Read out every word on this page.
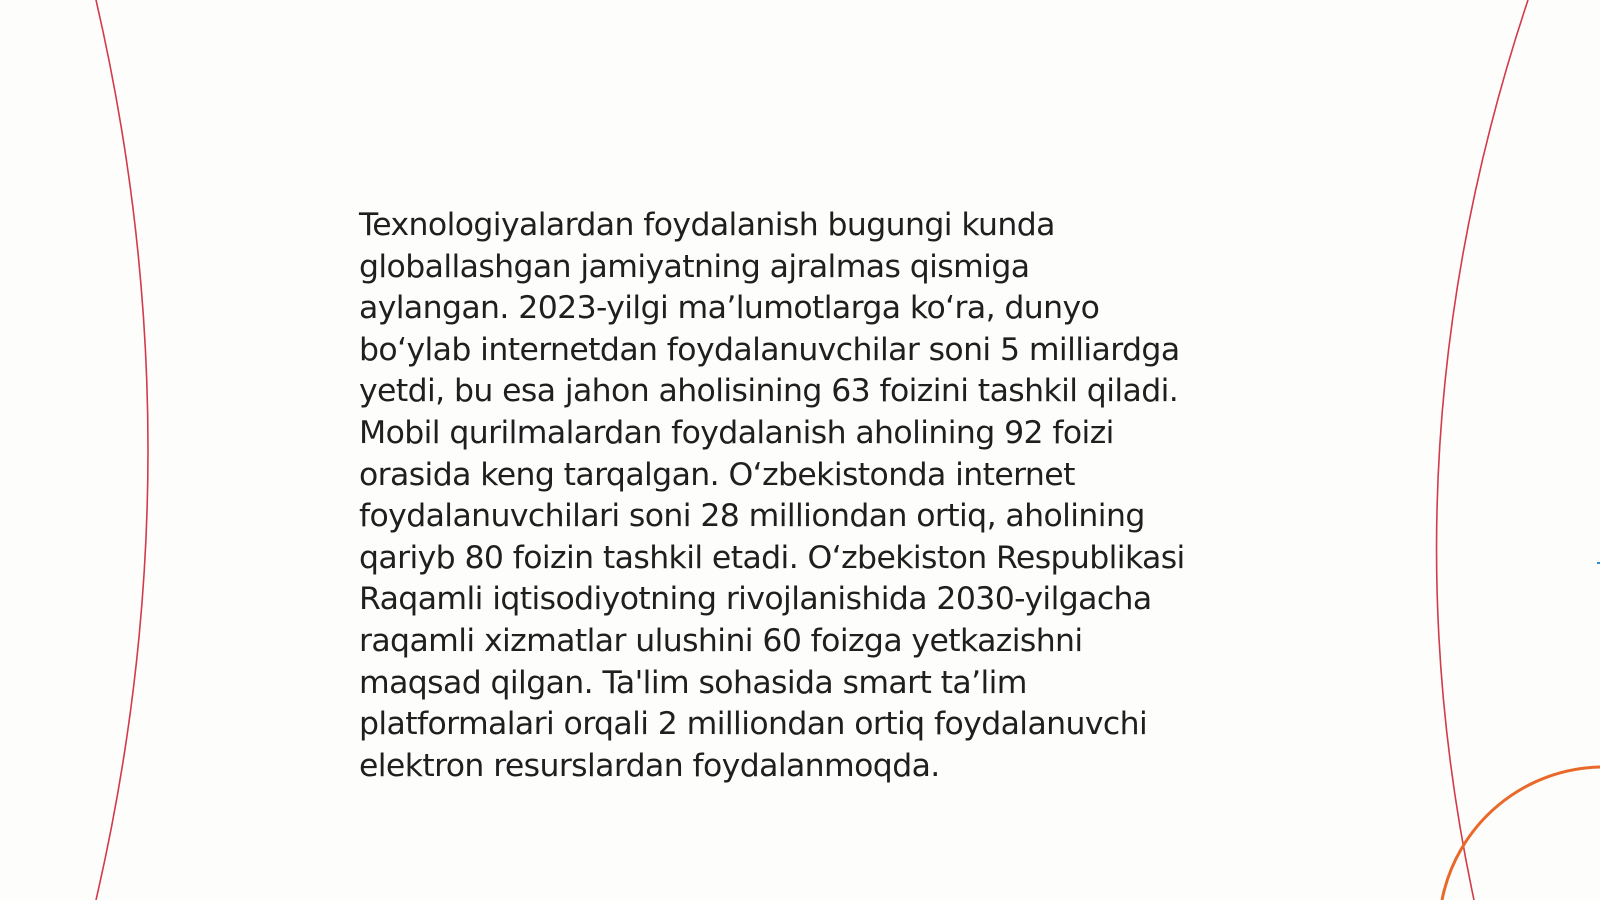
Texnologiyalardan foydalanish bugungi kunda
globallashgan jamiyatning ajralmas qismiga
aylangan. 2023-yilgi ma’lumotlarga ko‘ra, dunyo
bo‘ylab internetdan foydalanuvchilar soni 5 milliardga
yetdi, bu esa jahon aholisining 63 foizini tashkil qiladi.
Mobil qurilmalardan foydalanish aholining 92 foizi
orasida keng tarqalgan. O‘zbekistonda internet
foydalanuvchilari soni 28 milliondan ortiq, aholining
qariyb 80 foizin tashkil etadi. O‘zbekiston Respublikasi
Raqamli iqtisodiyotning rivojlanishida 2030-yilgacha
raqamli xizmatlar ulushini 60 foizga yetkazishni
maqsad qilgan. Ta'lim sohasida smart ta’lim
platformalari orqali 2 milliondan ortiq foydalanuvchi
elektron resurslardan foydalanmoqda.
